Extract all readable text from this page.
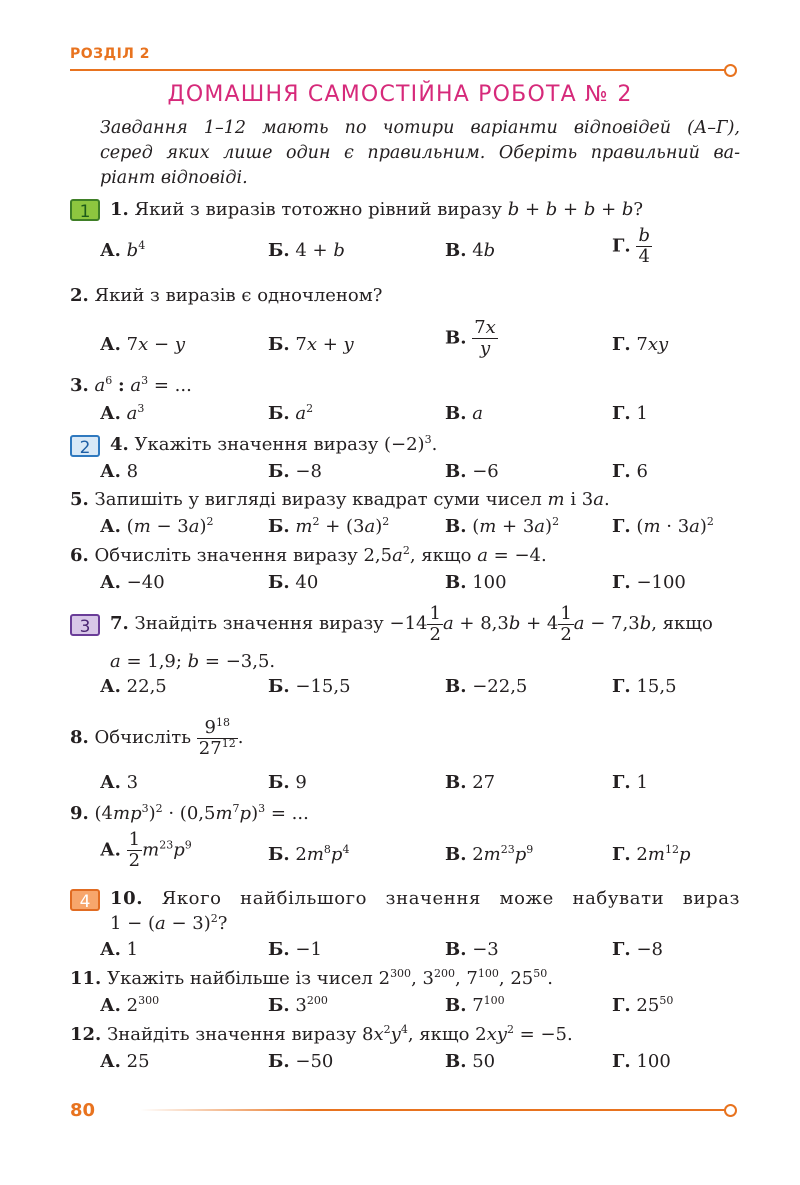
РОЗДІЛ 2
ДОМАШНЯ САМОСТІЙНА РОБОТА № 2
Завдання 1–12 мають по чотири варіанти відповідей (А–Г),
серед яких лише один є правильним. Оберіть правильний ва-
ріант відповіді.
1	1. Який з виразів тотожно рівний виразу b + b + b + b?
А. $b^4$	Б. 4 + b	В. 4b	Г. $\frac{b}{4}$
2. Який з виразів є одночленом?
А. 7x − y	Б. 7x + y	В. $\frac{7x}{y}$	Г. 7xy
3. $a^6$ : $a^3$ = ...
А. $a^3$	Б. $a^2$	В. a	Г. 1
2	4. Укажіть значення виразу $(-2)^3$.
А. 8	Б. −8	В. −6	Г. 6
5. Запишіть у вигляді виразу квадрат суми чисел m і 3a.
А. $(m - 3a)^2$	Б. $m^2 + (3a)^2$	В. $(m + 3a)^2$	Г. $(m \cdot 3a)^2$
6. Обчисліть значення виразу $2,5a^2$, якщо a = −4.
А. −40	Б. 40	В. 100	Г. −100
3	7. Знайдіть значення виразу $-14 \frac{1}{2}$ $a + 8,3b + 4 \frac{1}{2}$ a − 7,3b, якщо
a = 1,9; b = −3,5.
А. 22,5	Б. −15,5	В. −22,5	Г. 15,5
8. Обчисліть $\frac{9^{18}}{27^{12}}$ .
А. 3	Б. 9	В. 27	Г. 1
9. $(4mp^3)^2 \cdot (0,5m^7p)^3$ = ...
А. $\frac{1}{2} m^{23}p^9$	Б. $2m^8p^4$	В. $2m^{23}p^9$	Г. $2m^{12}p$
4	10. Якого найбільшого значення може набувати вираз
$1 - (a - 3)^2$?
А. 1	Б. −1	В. −3	Г. −8
11. Укажіть найбільше із чисел $2^{300}$, $3^{200}$, $7^{100}$, $25^{50}$.
А. $2^{300}$	Б. $3^{200}$	В. $7^{100}$	Г. $25^{50}$
12. Знайдіть значення виразу $8x^2y^4$, якщо $2xy^2 = -5$.
А. 25	Б. −50	В. 50	Г. 100
80
